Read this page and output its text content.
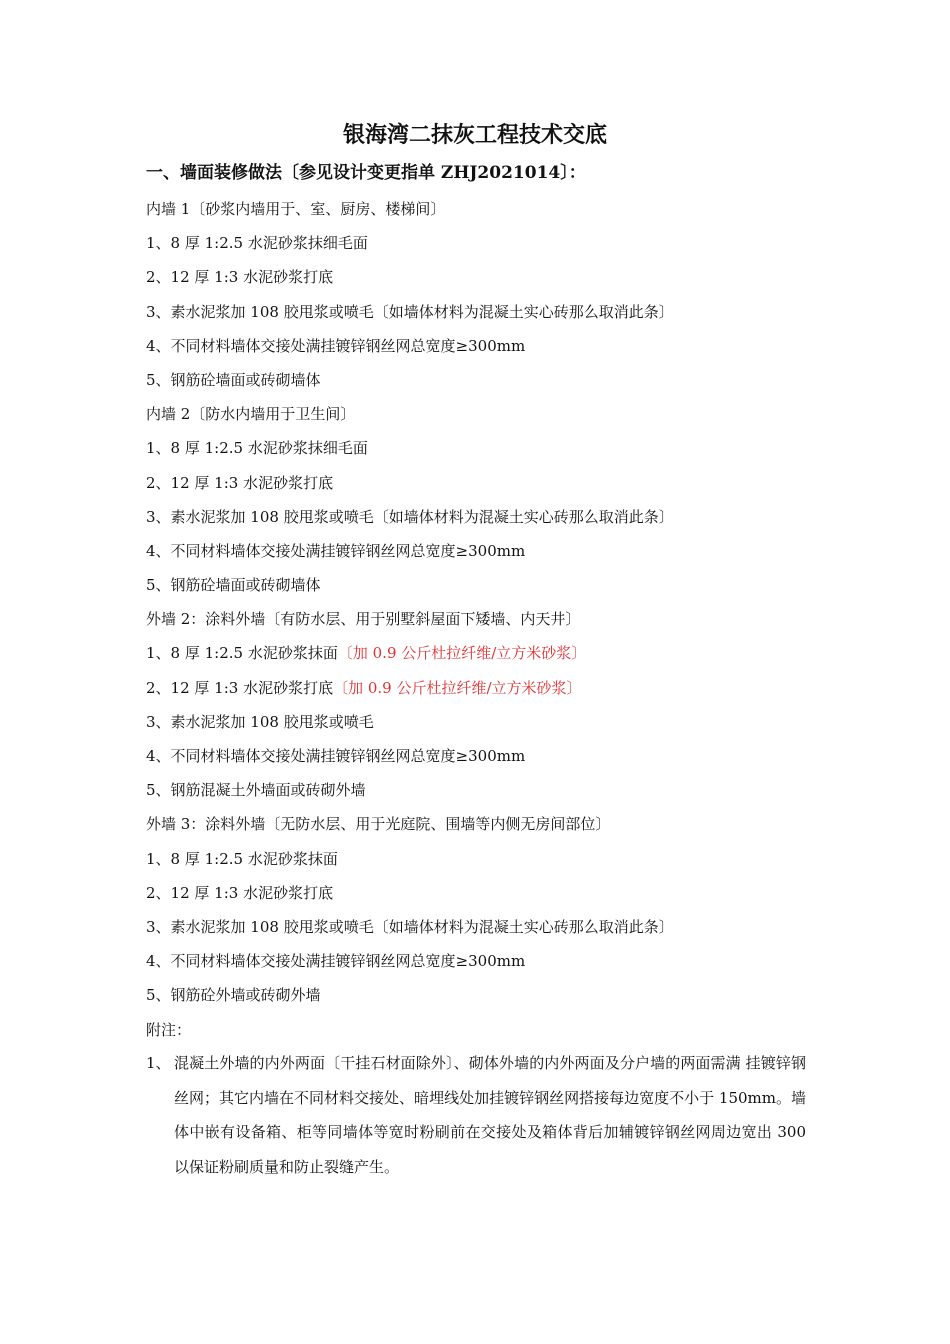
银海湾二抹灰工程技术交底
一、墙面装修做法〔参见设计变更指单 ZHJ2021014〕：
内墙 1〔砂浆内墙用于、室、厨房、楼梯间〕
1、8 厚 1:2.5 水泥砂浆抹细毛面
2、12 厚 1:3 水泥砂浆打底
3、素水泥浆加 108 胶甩浆或喷毛〔如墙体材料为混凝土实心砖那么取消此条〕
4、不同材料墙体交接处满挂镀锌钢丝网总宽度≥300mm
5、钢筋砼墙面或砖砌墙体
内墙 2〔防水内墙用于卫生间〕
1、8 厚 1:2.5 水泥砂浆抹细毛面
2、12 厚 1:3 水泥砂浆打底
3、素水泥浆加 108 胶甩浆或喷毛〔如墙体材料为混凝土实心砖那么取消此条〕
4、不同材料墙体交接处满挂镀锌钢丝网总宽度≥300mm
5、钢筋砼墙面或砖砌墙体
外墙 2：涂料外墙〔有防水层、用于别墅斜屋面下矮墙、内天井〕
1、8 厚 1:2.5 水泥砂浆抹面〔加 0.9 公斤杜拉纤维/立方米砂浆〕
2、12 厚 1:3 水泥砂浆打底〔加 0.9 公斤杜拉纤维/立方米砂浆〕
3、素水泥浆加 108 胶甩浆或喷毛
4、不同材料墙体交接处满挂镀锌钢丝网总宽度≥300mm
5、钢筋混凝土外墙面或砖砌外墙
外墙 3：涂料外墙〔无防水层、用于光庭院、围墙等内侧无房间部位〕
1、8 厚 1:2.5 水泥砂浆抹面
2、12 厚 1:3 水泥砂浆打底
3、素水泥浆加 108 胶甩浆或喷毛〔如墙体材料为混凝土实心砖那么取消此条〕
4、不同材料墙体交接处满挂镀锌钢丝网总宽度≥300mm
5、钢筋砼外墙或砖砌外墙
附注：
1、 混凝土外墙的内外两面〔干挂石材面除外〕、砌体外墙的内外两面及分户墙的两面需满 挂镀锌钢丝网；其它内墙在不同材料交接处、暗埋线处加挂镀锌钢丝网搭接每边宽度不小于 150mm。墙体中嵌有设备箱、柜等同墙体等宽时粉刷前在交接处及箱体背后加辅镀锌钢丝网周边宽出 300 以保证粉刷质量和防止裂缝产生。
